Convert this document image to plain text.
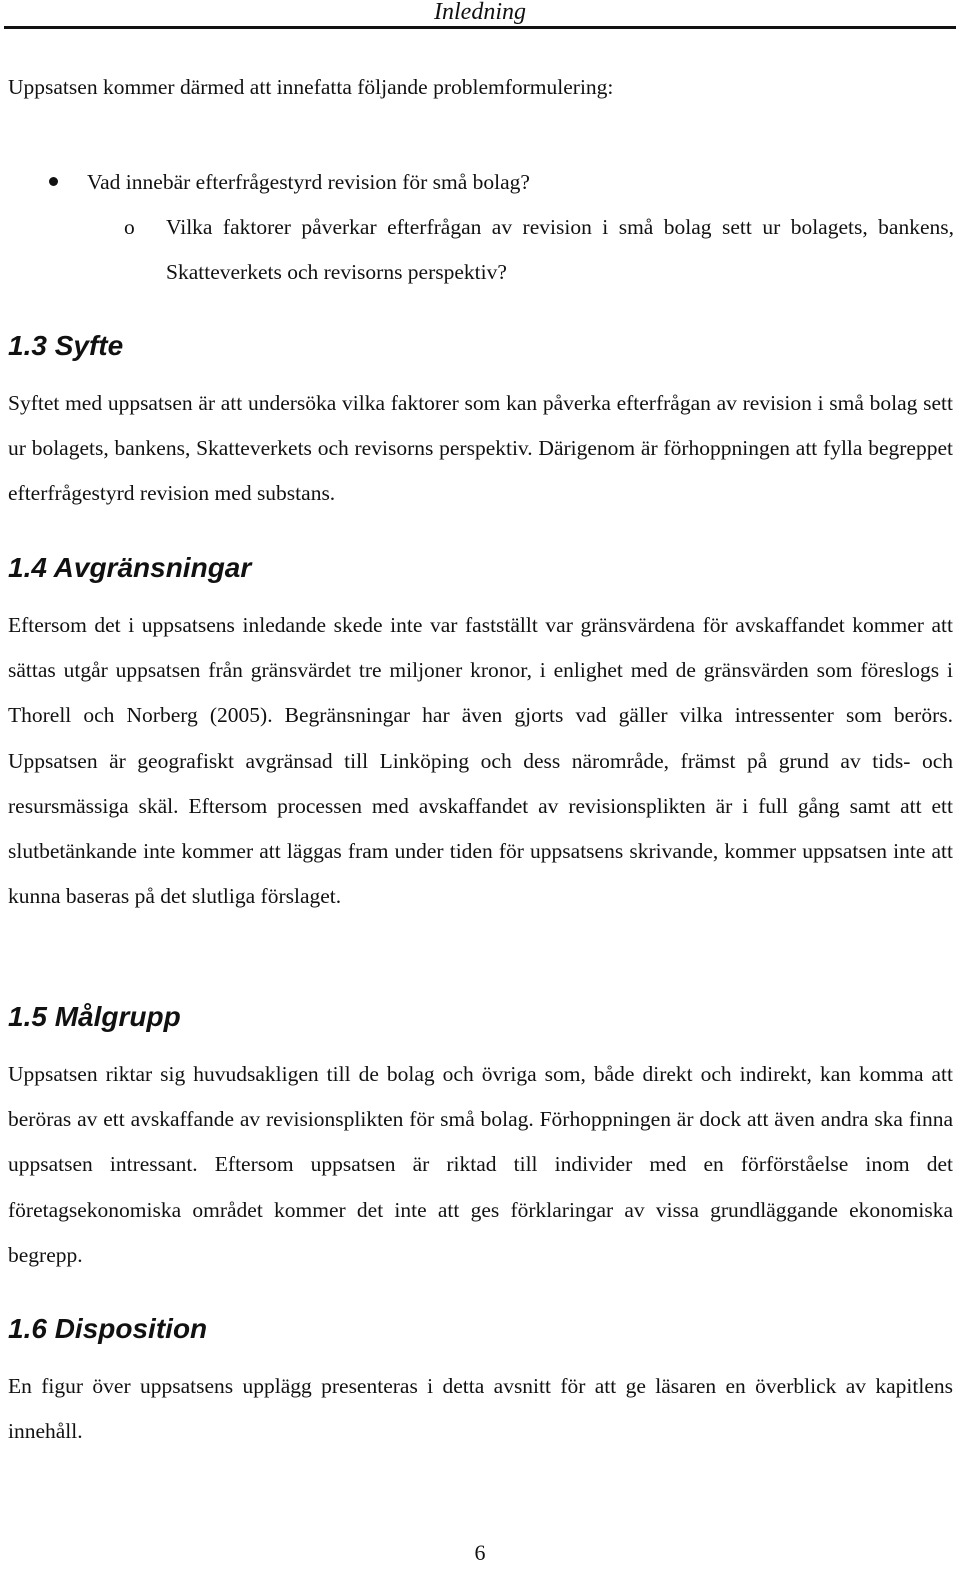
Inledning

Uppsatsen kommer därmed att innefatta följande problemformulering:

Vad innebär efterfrågestyrd revision för små bolag?

o Vilka faktorer påverkar efterfrågan av revision i små bolag sett ur bolagets, bankens, Skatteverkets och revisorns perspektiv?

1.3 Syfte

Syftet med uppsatsen är att undersöka vilka faktorer som kan påverka efterfrågan av revision i små bolag sett ur bolagets, bankens, Skatteverkets och revisorns perspektiv. Därigenom är förhoppningen att fylla begreppet efterfrågestyrd revision med substans.

1.4 Avgränsningar

Eftersom det i uppsatsens inledande skede inte var fastställt var gränsvärdena för avskaffandet kommer att sättas utgår uppsatsen från gränsvärdet tre miljoner kronor, i enlighet med de gränsvärden som föreslogs i Thorell och Norberg (2005). Begränsningar har även gjorts vad gäller vilka intressenter som berörs. Uppsatsen är geografiskt avgränsad till Linköping och dess närområde, främst på grund av tids- och resursmässiga skäl. Eftersom processen med avskaffandet av revisionsplikten är i full gång samt att ett slutbetänkande inte kommer att läggas fram under tiden för uppsatsens skrivande, kommer uppsatsen inte att kunna baseras på det slutliga förslaget.

1.5 Målgrupp

Uppsatsen riktar sig huvudsakligen till de bolag och övriga som, både direkt och indirekt, kan komma att beröras av ett avskaffande av revisionsplikten för små bolag. Förhoppningen är dock att även andra ska finna uppsatsen intressant. Eftersom uppsatsen är riktad till individer med en förförståelse inom det företagsekonomiska området kommer det inte att ges förklaringar av vissa grundläggande ekonomiska begrepp.

1.6 Disposition

En figur över uppsatsens upplägg presenteras i detta avsnitt för att ge läsaren en överblick av kapitlens innehåll.

6
